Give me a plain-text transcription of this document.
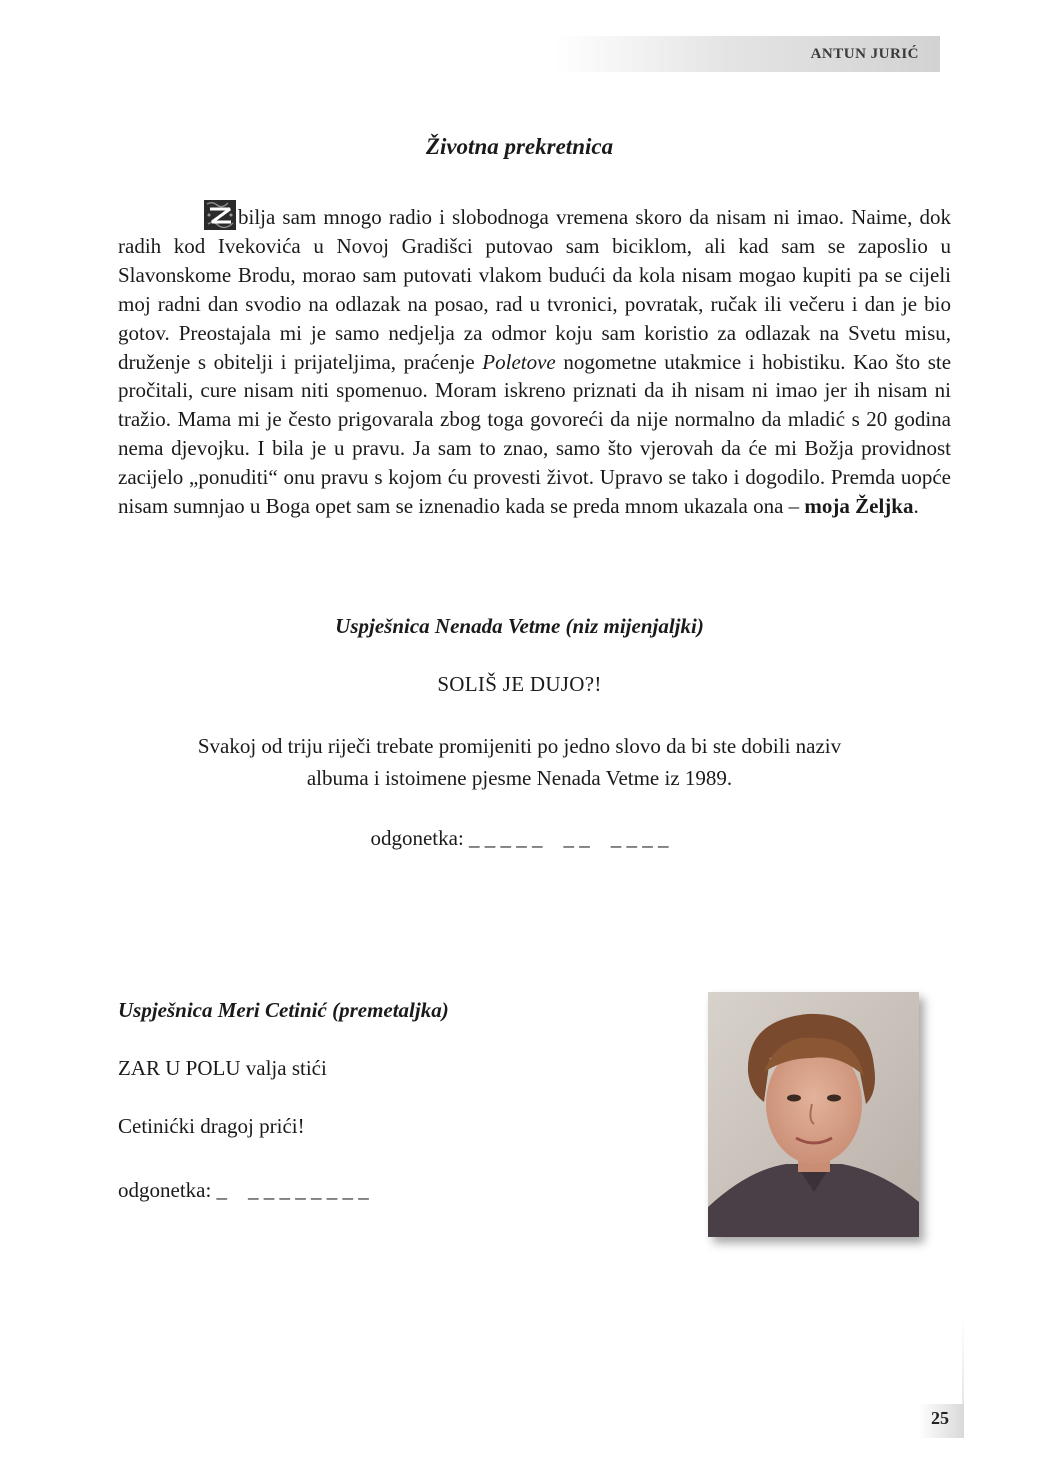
ANTUN JURIĆ
Životna prekretnica

bilja sam mnogo radio i slobodnoga vremena skoro da nisam ni imao. Naime, dok radih kod Ivekovića u Novoj Gradišci putovao sam biciklom, ali kad sam se zaposlio u Slavonskome Brodu, morao sam putovati vlakom budući da kola nisam mogao kupiti pa se cijeli moj radni dan svodio na odlazak na posao, rad u tvronici, povratak, ručak ili večeru i dan je bio gotov. Preostajala mi je samo nedjelja za odmor koju sam koristio za odlazak na Svetu misu, druženje s obitelji i prijateljima, praćenje Poletove nogometne utakmice i hobistiku. Kao što ste pročitali, cure nisam niti spomenuo. Moram iskreno priznati da ih nisam ni imao jer ih nisam ni tražio. Mama mi je često prigovarala zbog toga govoreći da nije normalno da mladić s 20 godina nema djevojku. I bila je u pravu. Ja sam to znao, samo što vjerovah da će mi Božja providnost zacijelo „ponuditi“ onu pravu s kojom ću provesti život. Upravo se tako i dogodilo. Premda uopće nisam sumnjao u Boga opet sam se iznenadio kada se preda mnom ukazala ona – moja Željka.

Uspješnica Nenada Vetme (niz mijenjaljki)
SOLIŠ JE DUJO?!
Svakoj od triju riječi trebate promijeniti po jedno slovo da bi ste dobili naziv
albuma i istoimene pjesme Nenada Vetme iz 1989.
odgonetka: _ _ _ _ _    _ _    _ _ _ _
Uspješnica Meri Cetinić (premetaljka)
ZAR U POLU valja stići
Cetinićki dragoj prići!
odgonetka: _    _ _ _ _ _ _ _ _
25
